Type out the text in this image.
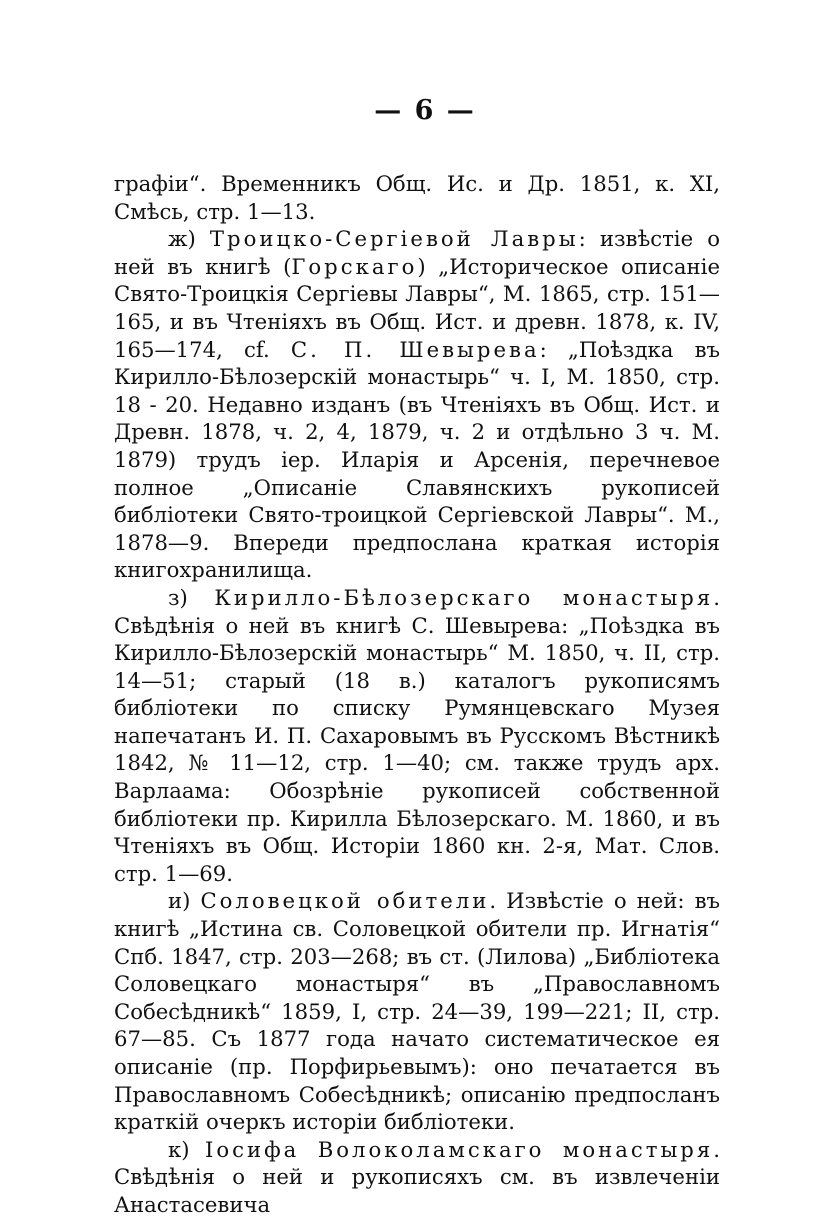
— 6 —

графіи“. Временникъ Общ. Ис. и Др. 1851, к. XI, Смѣсь, стр. 1—13.

ж) Троицко-Сергіевой Лавры: извѣстіе о ней въ книгѣ (Горскаго) „Историческое описаніе Свято-Троицкія Сергіевы Лавры“, М. 1865, стр. 151—165, и въ Чтеніяхъ въ Общ. Ист. и древн. 1878, к. IV, 165—174, cf. С. П. Шевырева: „Поѣздка въ Кирилло-Бѣлозерскій монастырь“ ч. I, М. 1850, стр. 18 - 20. Недавно изданъ (въ Чтеніяхъ въ Общ. Ист. и Древн. 1878, ч. 2, 4, 1879, ч. 2 и отдѣльно 3 ч. М. 1879) трудъ іер. Иларія и Арсенія, перечневое полное „Описаніе Славянскихъ рукописей библіотеки Свято-троицкой Сергіевской Лавры“. М., 1878—9. Впереди предпослана краткая исторія книгохранилища.

з) Кирилло-Бѣлозерскаго монастыря. Свѣдѣнія о ней въ книгѣ С. Шевырева: „Поѣздка въ Кирилло-Бѣлозерскій монастырь“ М. 1850, ч. II, стр. 14—51; старый (18 в.) каталогъ рукописямъ библіотеки по списку Румянцевскаго Музея напечатанъ И. П. Сахаровымъ въ Русскомъ Вѣстникѣ 1842, № 11—12, стр. 1—40; см. также трудъ арх. Варлаама: Обозрѣніе рукописей собственной библіотеки пр. Кирилла Бѣлозерскаго. М. 1860, и въ Чтеніяхъ въ Общ. Исторіи 1860 кн. 2-я, Мат. Слов. стр. 1—69.

и) Соловецкой обители. Извѣстіе о ней: въ книгѣ „Истина св. Соловецкой обители пр. Игнатія“ Спб. 1847, стр. 203—268; въ ст. (Лилова) „Библіотека Соловецкаго монастыря“ въ „Православномъ Собесѣдникѣ“ 1859, I, стр. 24—39, 199—221; II, стр. 67—85. Съ 1877 года начато систематическое ея описаніе (пр. Порфирьевымъ): оно печатается въ Православномъ Собесѣдникѣ; описанію предпосланъ краткій очеркъ исторіи библіотеки.

к) Іосифа Волоколамскаго монастыря. Свѣдѣнія о ней и рукописяхъ см. въ извлеченіи Анастасевича
